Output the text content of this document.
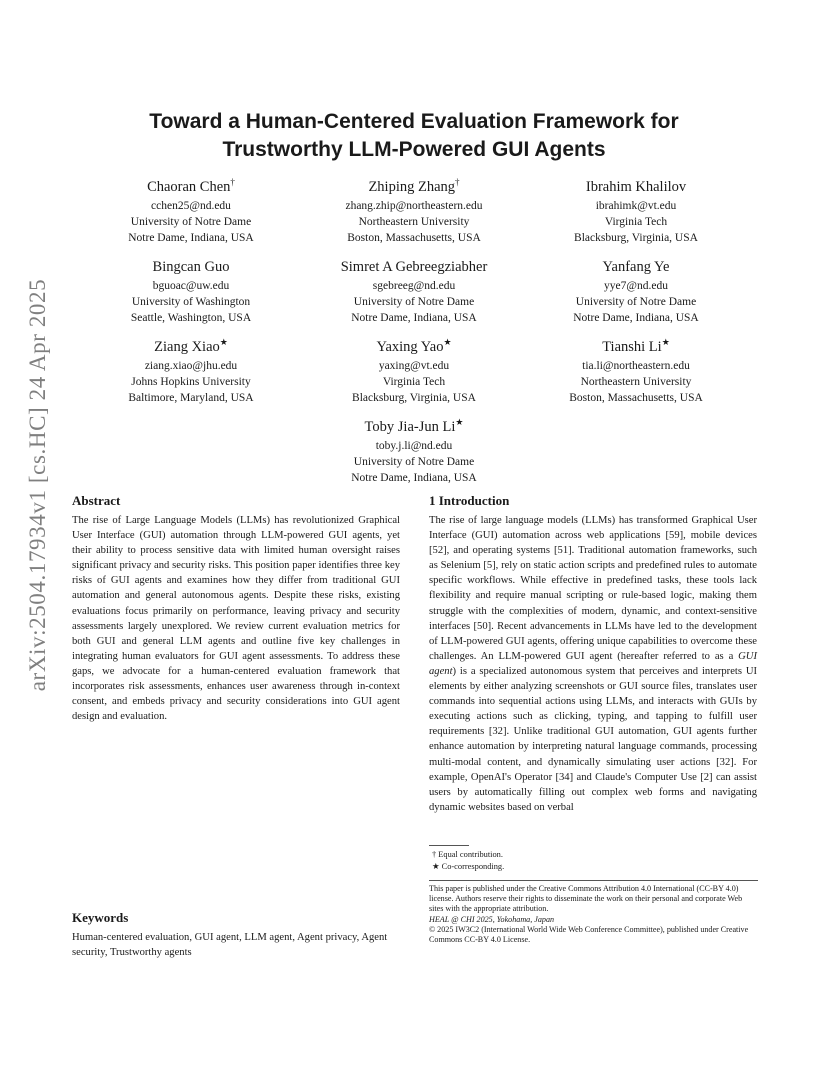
arXiv:2504.17934v1 [cs.HC] 24 Apr 2025
Toward a Human-Centered Evaluation Framework for
Trustworthy LLM-Powered GUI Agents
Chaoran Chen†
cchen25@nd.edu
University of Notre Dame
Notre Dame, Indiana, USA
Zhiping Zhang†
zhang.zhip@northeastern.edu
Northeastern University
Boston, Massachusetts, USA
Ibrahim Khalilov
ibrahimk@vt.edu
Virginia Tech
Blacksburg, Virginia, USA
Bingcan Guo
bguoac@uw.edu
University of Washington
Seattle, Washington, USA
Simret A Gebreegziabher
sgebreeg@nd.edu
University of Notre Dame
Notre Dame, Indiana, USA
Yanfang Ye
yye7@nd.edu
University of Notre Dame
Notre Dame, Indiana, USA
Ziang Xiao★
ziang.xiao@jhu.edu
Johns Hopkins University
Baltimore, Maryland, USA
Yaxing Yao★
yaxing@vt.edu
Virginia Tech
Blacksburg, Virginia, USA
Tianshi Li★
tia.li@northeastern.edu
Northeastern University
Boston, Massachusetts, USA
Toby Jia-Jun Li★
toby.j.li@nd.edu
University of Notre Dame
Notre Dame, Indiana, USA
Abstract
The rise of Large Language Models (LLMs) has revolutionized Graphical User Interface (GUI) automation through LLM-powered GUI agents, yet their ability to process sensitive data with limited human oversight raises significant privacy and security risks. This position paper identifies three key risks of GUI agents and examines how they differ from traditional GUI automation and general autonomous agents. Despite these risks, existing evaluations focus primarily on performance, leaving privacy and security assessments largely unexplored. We review current evaluation metrics for both GUI and general LLM agents and outline five key challenges in integrating human evaluators for GUI agent assessments. To address these gaps, we advocate for a human-centered evaluation framework that incorporates risk assessments, enhances user awareness through in-context consent, and embeds privacy and security considerations into GUI agent design and evaluation.
1 Introduction
The rise of large language models (LLMs) has transformed Graphical User Interface (GUI) automation across web applications [59], mobile devices [52], and operating systems [51]. Traditional automation frameworks, such as Selenium [5], rely on static action scripts and predefined rules to automate specific workflows. While effective in predefined tasks, these tools lack flexibility and require manual scripting or rule-based logic, making them struggle with the complexities of modern, dynamic, and context-sensitive interfaces [50]. Recent advancements in LLMs have led to the development of LLM-powered GUI agents, offering unique capabilities to overcome these challenges. An LLM-powered GUI agent (hereafter referred to as a GUI agent) is a specialized autonomous system that perceives and interprets UI elements by either analyzing screenshots or GUI source files, translates user commands into sequential actions using LLMs, and interacts with GUIs by executing actions such as clicking, typing, and tapping to fulfill user requirements [32]. Unlike traditional GUI automation, GUI agents further enhance automation by interpreting natural language commands, processing multi-modal content, and dynamically simulating user actions [32]. For example, OpenAI's Operator [34] and Claude's Computer Use [2] can assist users by automatically filling out complex web forms and navigating dynamic websites based on verbal
† Equal contribution.
★ Co-corresponding.

This paper is published under the Creative Commons Attribution 4.0 International (CC-BY 4.0) license. Authors reserve their rights to disseminate the work on their personal and corporate Web sites with the appropriate attribution.

HEAL @ CHI 2025, Yokohama, Japan

© 2025 IW3C2 (International World Wide Web Conference Committee), published under Creative Commons CC-BY 4.0 License.

Keywords
Human-centered evaluation, GUI agent, LLM agent, Agent privacy, Agent security, Trustworthy agents
